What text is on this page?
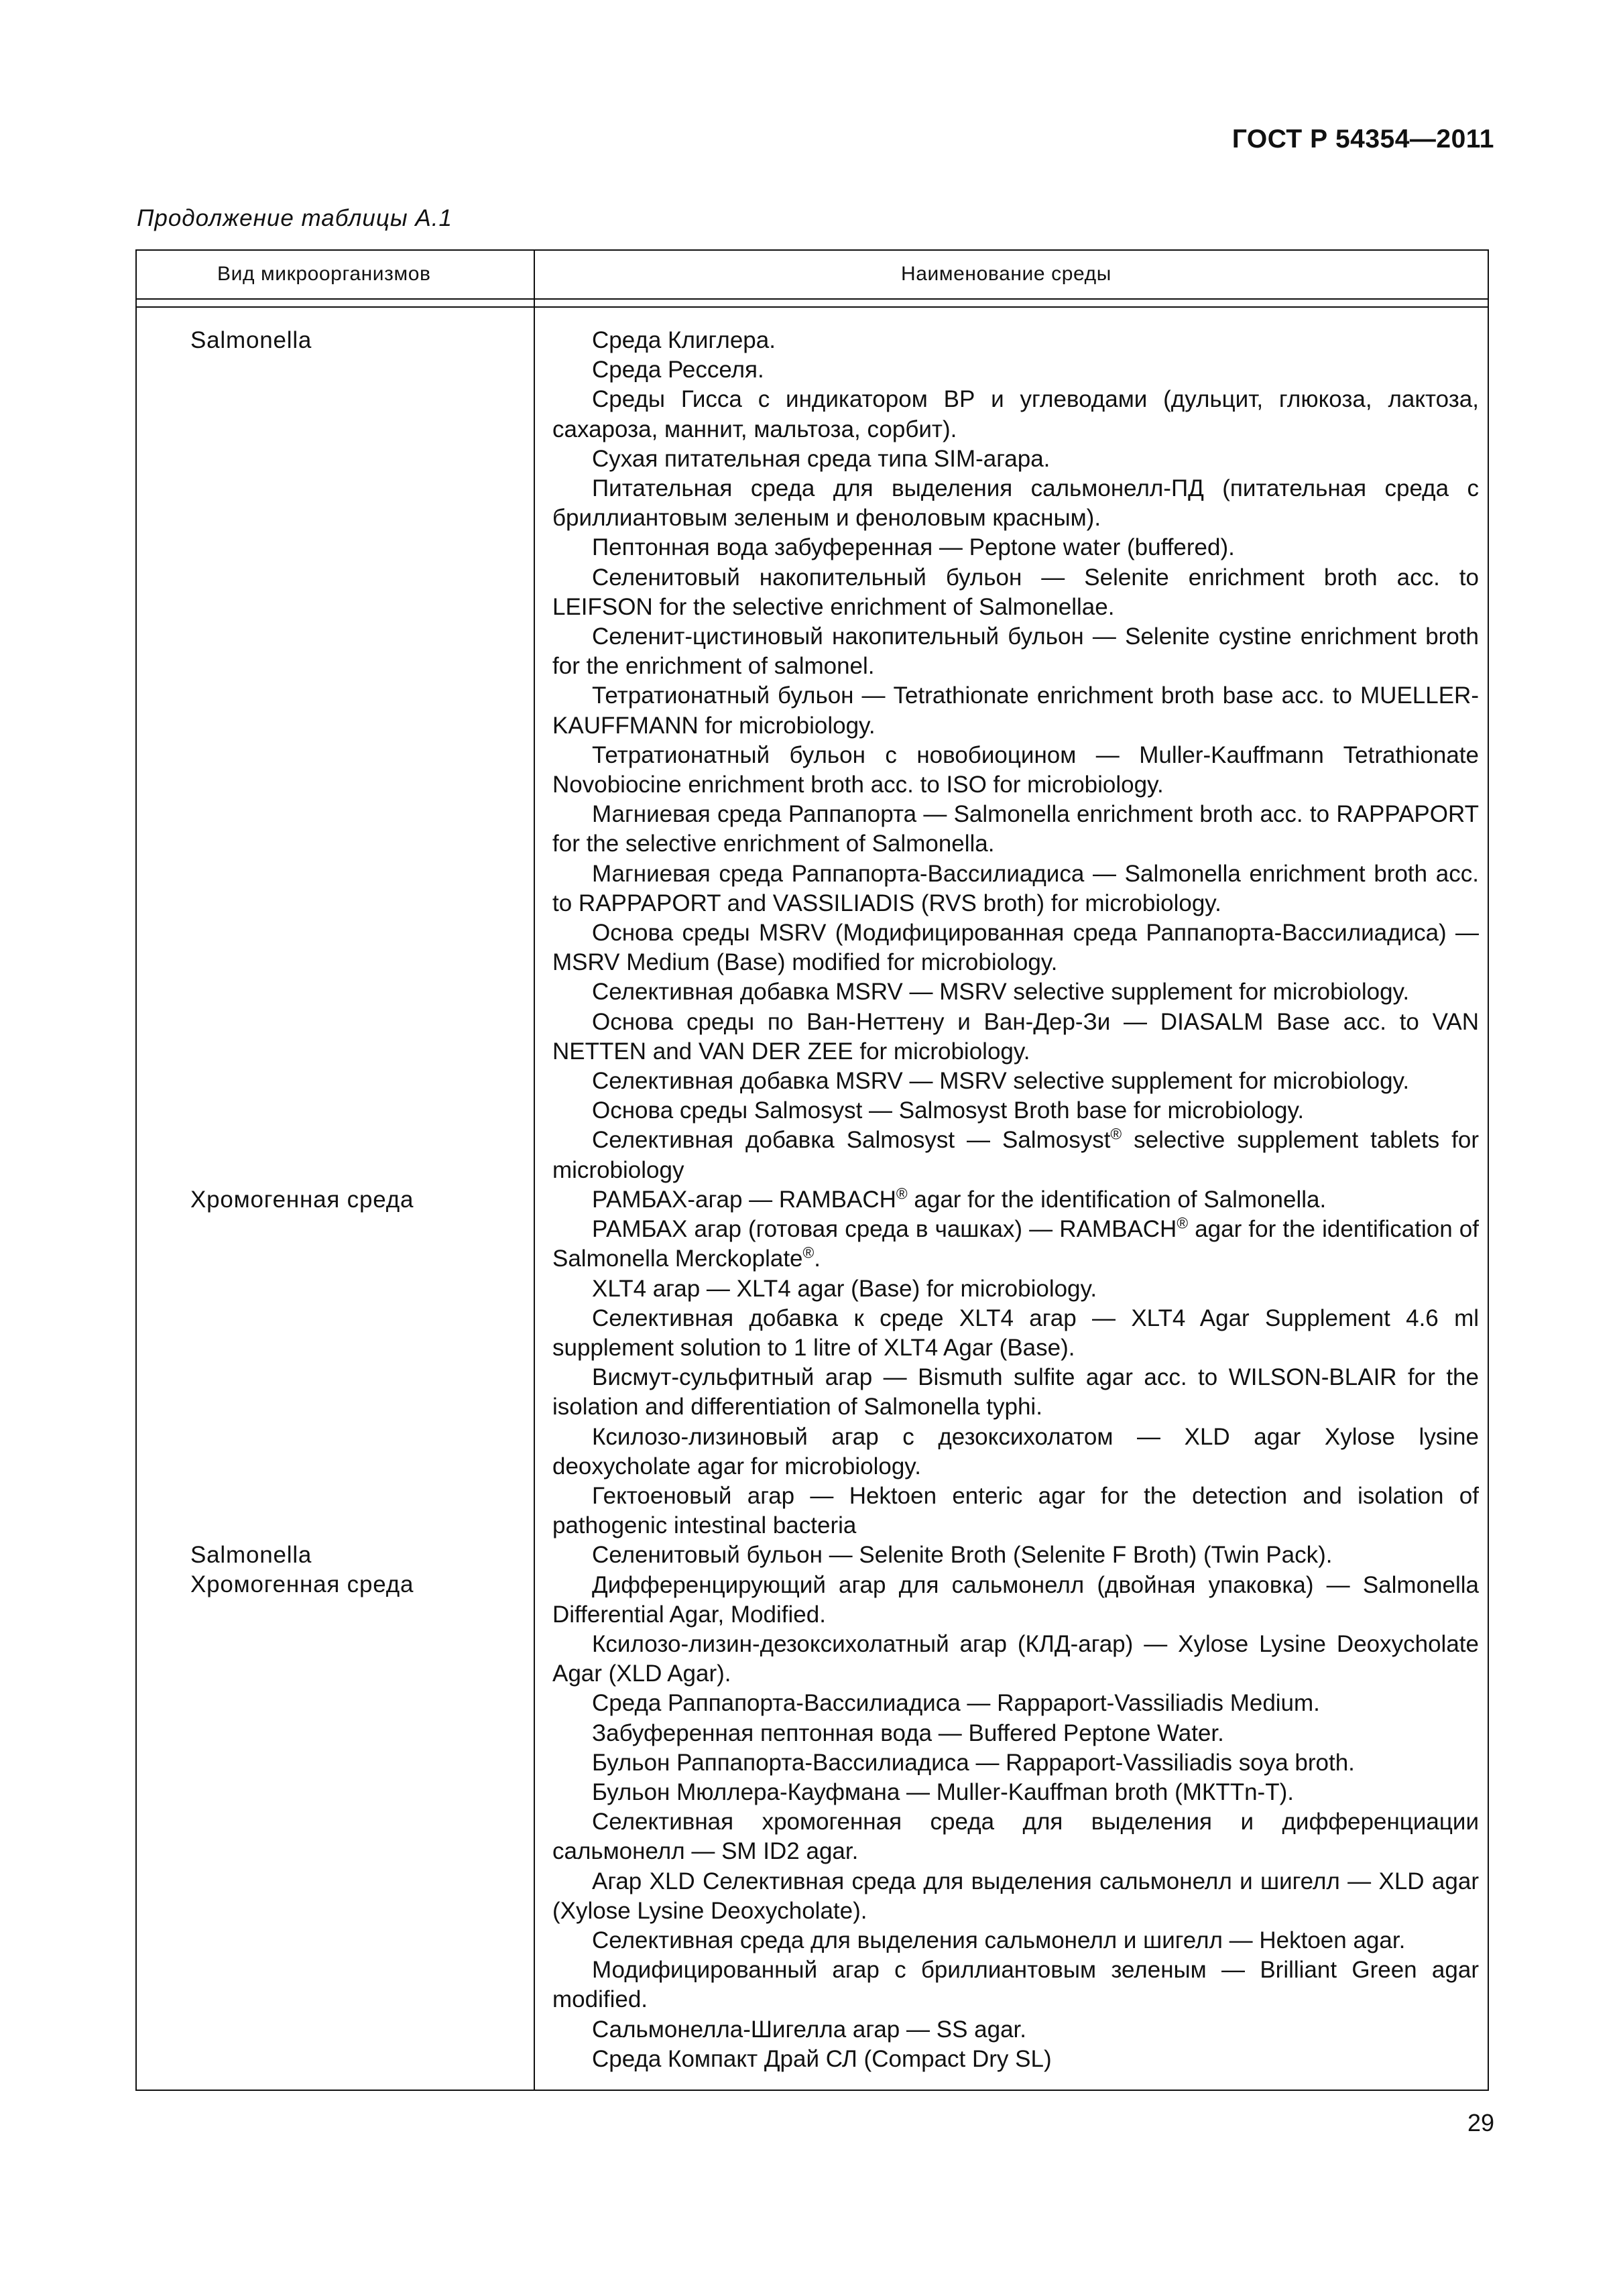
ГОСТ Р 54354—2011
Продолжение таблицы А.1
Вид микроорганизмов	Наименование среды
Salmonella
Хромогенная среда
Salmonella
Хромогенная среда

Среда Клиглера.

Среда Ресселя.

Среды Гисса с индикатором ВР и углеводами (дульцит, глюкоза, лактоза, сахароза, маннит, мальтоза, сорбит).

Сухая питательная среда типа SIM-агара.

Питательная среда для выделения сальмонелл-ПД (питательная среда с бриллиантовым зеленым и феноловым красным).

Пептонная вода забуференная — Peptone water (buffered).

Селенитовый накопительный бульон — Selenite enrichment broth acc. to LEIFSON for the selective enrichment of Salmonellae.

Селенит-цистиновый накопительный бульон — Selenite cystine enrichment broth for the enrichment of salmonel.

Тетратионатный бульон — Tetrathionate enrichment broth base acc. to MUELLER-KAUFFMANN for microbiology.

Тетратионатный бульон с новобиоцином — Muller-Kauffmann Tetrathionate Novobiocine enrichment broth acc. to ISO for microbiology.

Магниевая среда Раппапорта — Salmonella enrichment broth acc. to RAPPAPORT for the selective enrichment of Salmonella.

Магниевая среда Раппапорта-Вассилиадиса — Salmonella enrichment broth acc. to RAPPAPORT and VASSILIADIS (RVS broth) for microbiology.

Основа среды MSRV (Модифицированная среда Раппапорта-Вассилиадиса) — MSRV Medium (Base) modified for microbiology.

Селективная добавка MSRV — MSRV selective supplement for microbiology.

Основа среды по Ван-Неттену и Ван-Дер-Зи — DIASALM Base acc. to VAN NETTEN and VAN DER ZEE for microbiology.

Селективная добавка MSRV — MSRV selective supplement for microbiology.

Основа среды Salmosyst — Salmosyst Broth base for microbiology.

Селективная добавка Salmosyst — Salmosyst® selective supplement tablets for microbiology

РАМБАХ-агар — RAMBACH® agar for the identification of Salmonella.

РАМБАХ агар (готовая среда в чашках) — RAMBACH® agar for the identification of Salmonella Merckoplate®.

XLT4 агар — XLT4 agar (Base) for microbiology.

Селективная добавка к среде XLT4 агар — XLT4 Agar Supplement 4.6 ml supplement solution to 1 litre of XLT4 Agar (Base).

Висмут-сульфитный агар — Bismuth sulfite agar acc. to WILSON-BLAIR for the isolation and differentiation of Salmonella typhi.

Ксилозо-лизиновый агар с дезоксихолатом — XLD agar Xylose lysine deoxycholate agar for microbiology.

Гектоеновый агар — Hektoen enteric agar for the detection and isolation of pathogenic intestinal bacteria

Селенитовый бульон — Selenite Broth (Selenite F Broth) (Twin Pack).

Дифференцирующий агар для сальмонелл (двойная упаковка) — Salmonella Differential Agar, Modified.

Ксилозо-лизин-дезоксихолатный агар (КЛД-агар) — Xylose Lysine Deoxycholate Agar (XLD Agar).

Среда Раппапорта-Вассилиадиса — Rappaport-Vassiliadis Medium.

Забуференная пептонная вода — Buffered Peptone Water.

Бульон Раппапорта-Вассилиадиса — Rappaport-Vassiliadis soya broth.

Бульон Мюллера-Кауфмана — Muller-Kauffman broth (МКТТn-Т).

Селективная хромогенная среда для выделения и дифференциации сальмонелл — SM ID2 agar.

Агар XLD Селективная среда для выделения сальмонелл и шигелл — XLD agar (Xylose Lysine Deoxycholate).

Селективная среда для выделения сальмонелл и шигелл — Hektoen agar.

Модифицированный агар с бриллиантовым зеленым — Brilliant Green agar modified.

Сальмонелла-Шигелла агар — SS agar.

Среда Компакт Драй СЛ (Compact Dry SL)

29
